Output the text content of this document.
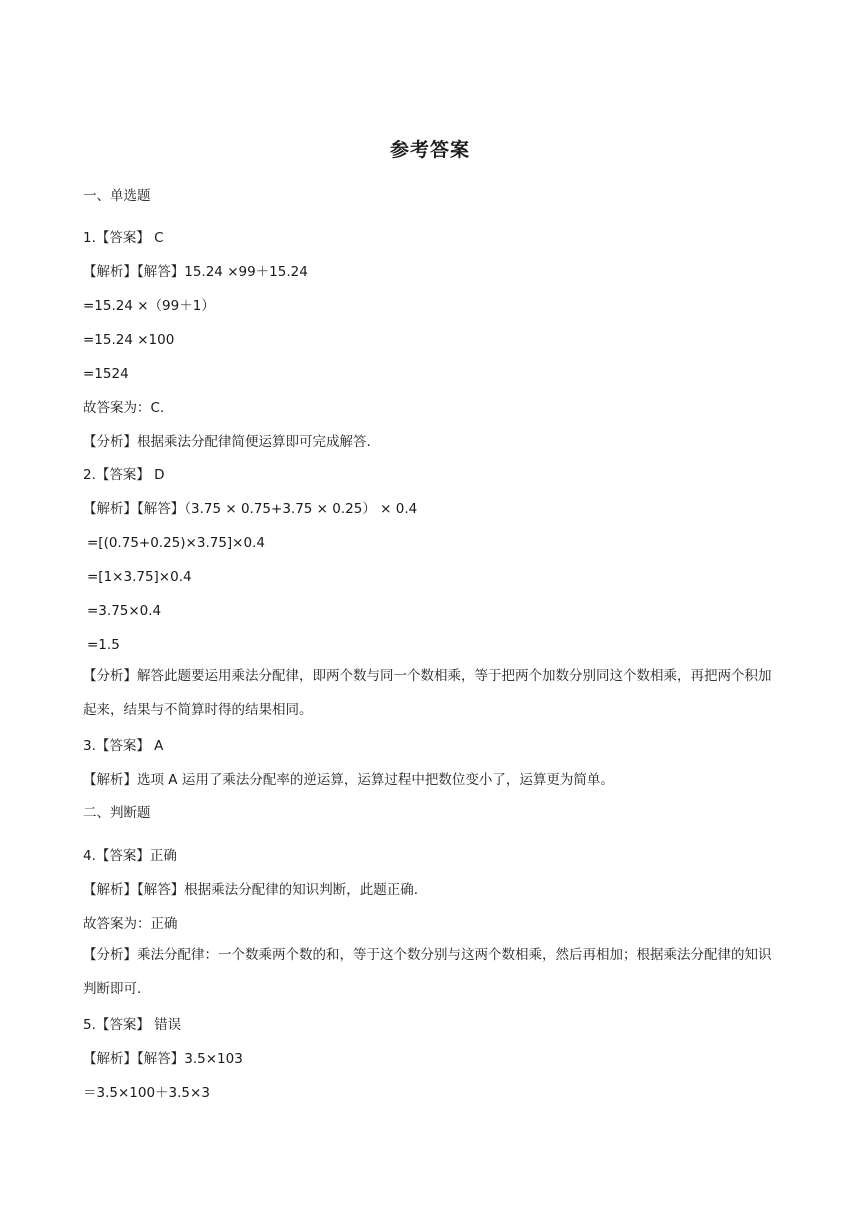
参考答案
一、单选题
1.【答案】 C
【解析】【解答】15.24 ×99＋15.24
=15.24 ×（99＋1）
=15.24 ×100
=1524
故答案为：C.
【分析】根据乘法分配律简便运算即可完成解答.
2.【答案】 D
【解析】【解答】（3.75 × 0.75+3.75 × 0.25） × 0.4
=[(0.75+0.25)×3.75]×0.4
=[1×3.75]×0.4
=3.75×0.4
=1.5
【分析】解答此题要运用乘法分配律，即两个数与同一个数相乘，等于把两个加数分别同这个数相乘，再把两个积加起来，结果与不简算时得的结果相同。
3.【答案】 A
【解析】选项 A 运用了乘法分配率的逆运算，运算过程中把数位变小了，运算更为简单。
二、判断题
4.【答案】正确
【解析】【解答】根据乘法分配律的知识判断，此题正确.
故答案为：正确
【分析】乘法分配律：一个数乘两个数的和，等于这个数分别与这两个数相乘，然后再相加；根据乘法分配律的知识判断即可.
5.【答案】 错误
【解析】【解答】3.5×103
＝3.5×100＋3.5×3
